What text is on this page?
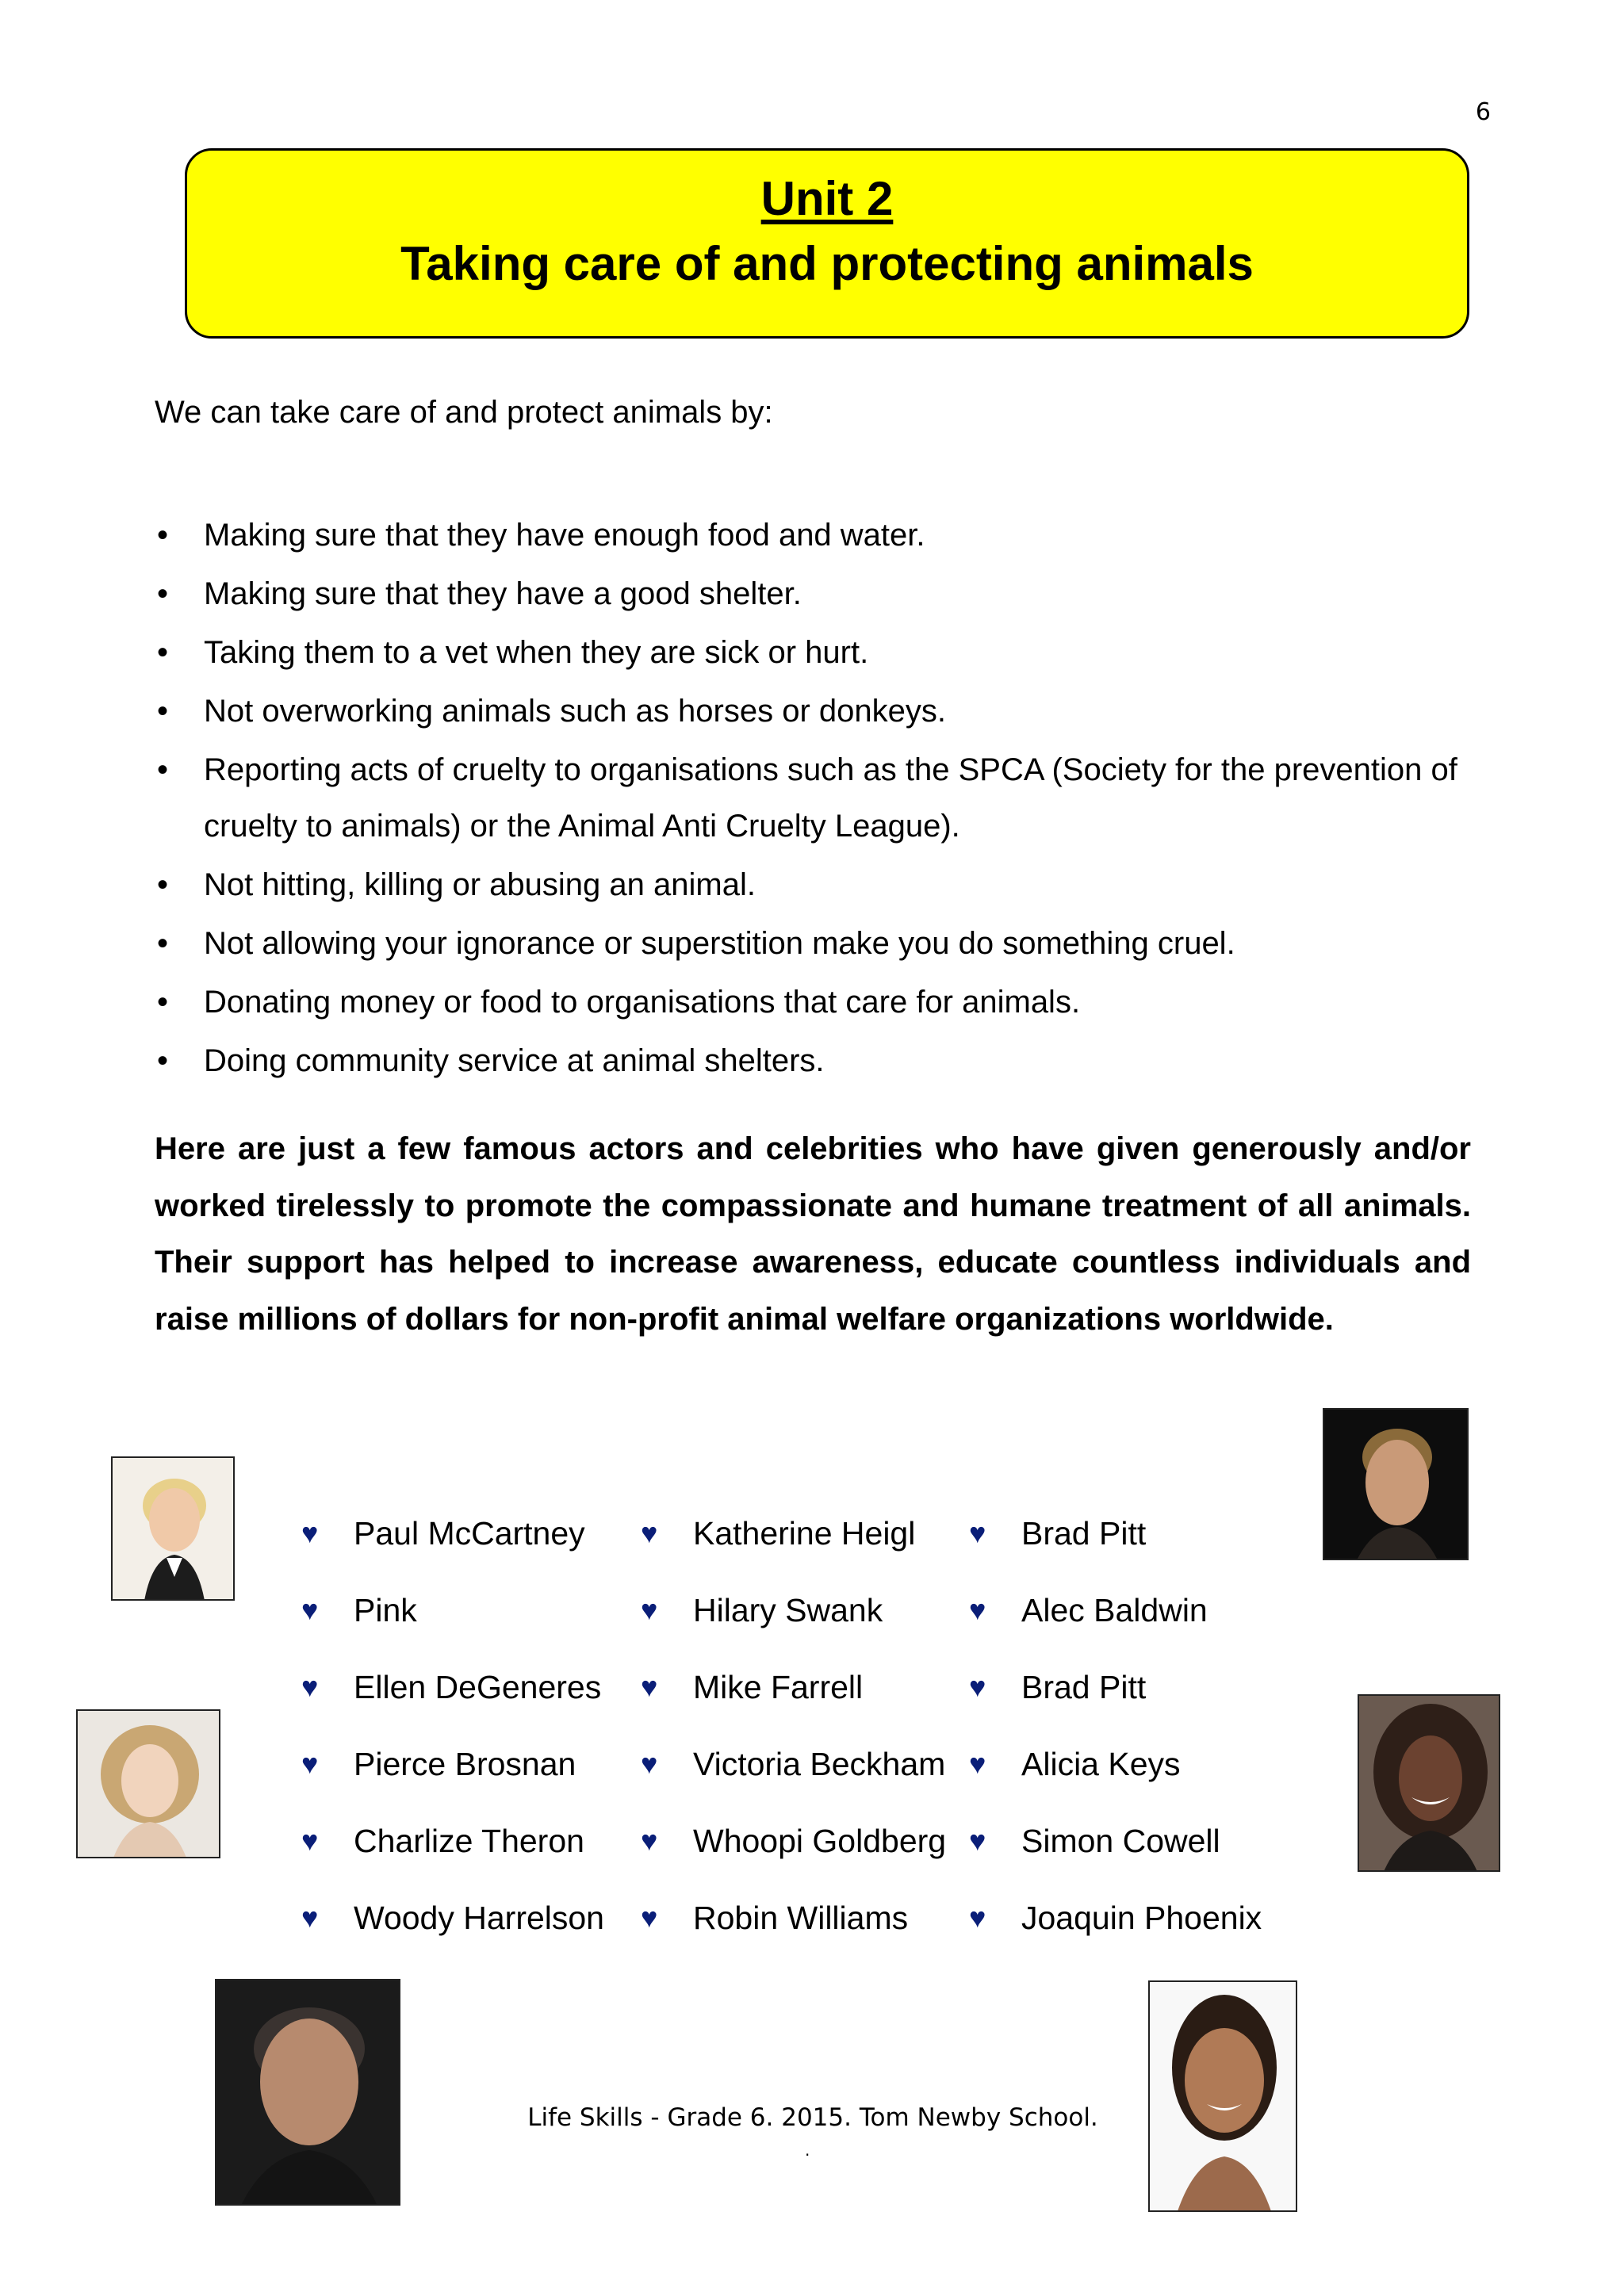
6
Unit 2
Taking care of and protecting animals
We can take care of and protect animals by:
• Making sure that they have enough food and water.
• Making sure that they have a good shelter.
• Taking them to a vet when they are sick or hurt.
• Not overworking animals such as horses or donkeys.
• Reporting acts of cruelty to organisations such as the SPCA (Society for the prevention of cruelty to animals) or the Animal Anti Cruelty League).
• Not hitting, killing or abusing an animal.
• Not allowing your ignorance or superstition make you do something cruel.
• Donating money or food to organisations that care for animals.
• Doing community service at animal shelters.
Here are just a few famous actors and celebrities who have given generously and/or worked tirelessly to promote the compassionate and humane treatment of all animals. Their support has helped to increase awareness, educate countless individuals and raise millions of dollars for non-profit animal welfare organizations worldwide.
♥	Paul McCartney
♥	Pink
♥	Ellen DeGeneres
♥	Pierce Brosnan
♥	Charlize Theron
♥	Woody Harrelson
♥	Katherine Heigl
♥	Hilary Swank
♥	Mike Farrell
♥	Victoria Beckham
♥	Whoopi Goldberg
♥	Robin Williams
♥	Brad Pitt
♥	Alec Baldwin
♥	Brad Pitt
♥	Alicia Keys
♥	Simon Cowell
♥	Joaquin Phoenix
Life Skills - Grade 6. 2015. Tom Newby School.
.
